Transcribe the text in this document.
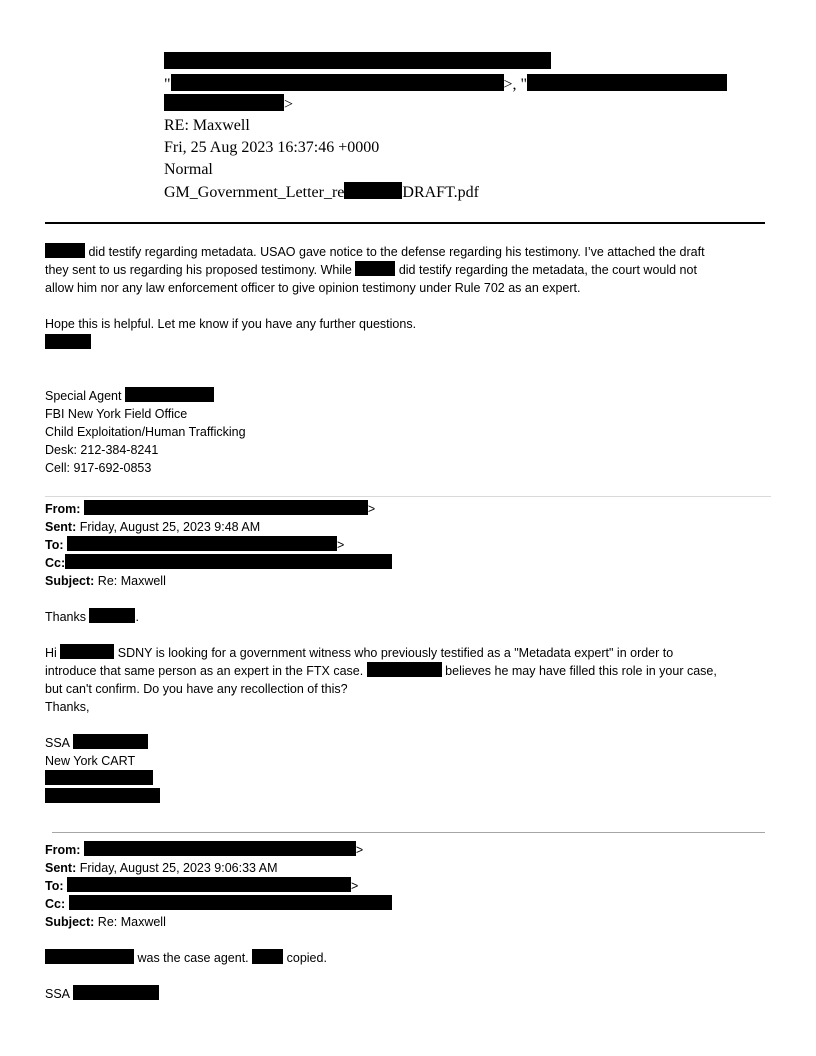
"	>, "
>
RE: Maxwell
Fri, 25 Aug 2023 16:37:46 +0000
Normal
GM_Government_Letter_re	DRAFT.pdf
did testify regarding metadata. USAO gave notice to the defense regarding his testimony. I’ve attached the draft
they sent to us regarding his proposed testimony. While	did testify regarding the metadata, the court would not
allow him nor any law enforcement officer to give opinion testimony under Rule 702 as an expert.
Hope this is helpful. Let me know if you have any further questions.
Special Agent
FBI New York Field Office
Child Exploitation/Human Trafficking
Desk: 212-384-8241
Cell: 917-692-0853
From:	>
Sent: Friday, August 25, 2023 9:48 AM
To:	>
Cc:
Subject: Re: Maxwell
Thanks	.
Hi	SDNY is looking for a government witness who previously testified as a "Metadata expert" in order to
introduce that same person as an expert in the FTX case.	believes he may have filled this role in your case,
but can't confirm. Do you have any recollection of this?
Thanks,
SSA
New York CART
From:	>
Sent: Friday, August 25, 2023 9:06:33 AM
To:	>
Cc:
Subject: Re: Maxwell
was the case agent.  copied.
SSA
